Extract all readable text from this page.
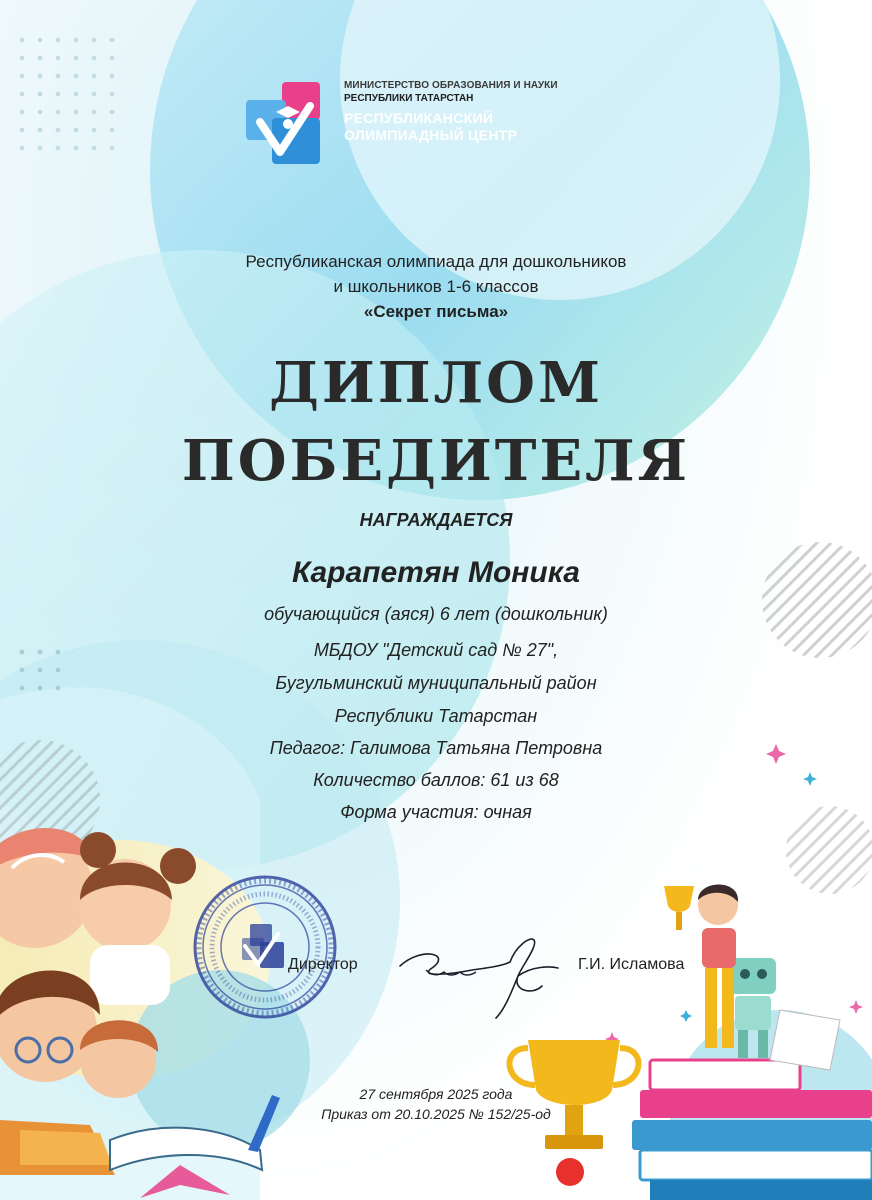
МИНИСТЕРСТВО ОБРАЗОВАНИЯ И НАУКИ
РЕСПУБЛИКИ ТАТАРСТАН
РЕСПУБЛИКАНСКИЙ
ОЛИМПИАДНЫЙ ЦЕНТР
Республиканская олимпиада для дошкольников
и школьников 1-6 классов
«Секрет письма»
ДИПЛОМ
ПОБЕДИТЕЛЯ
НАГРАЖДАЕТСЯ
Карапетян Моника
обучающийся (аяся) 6 лет (дошкольник)
МБДОУ "Детский сад № 27",
Бугульминский муниципальный район
Республики Татарстан
Педагог: Галимова Татьяна Петровна
Количество баллов: 61 из 68
Форма участия: очная
Директор	Г.И. Исламова
27 сентября 2025 года
Приказ от 20.10.2025 № 152/25-од
